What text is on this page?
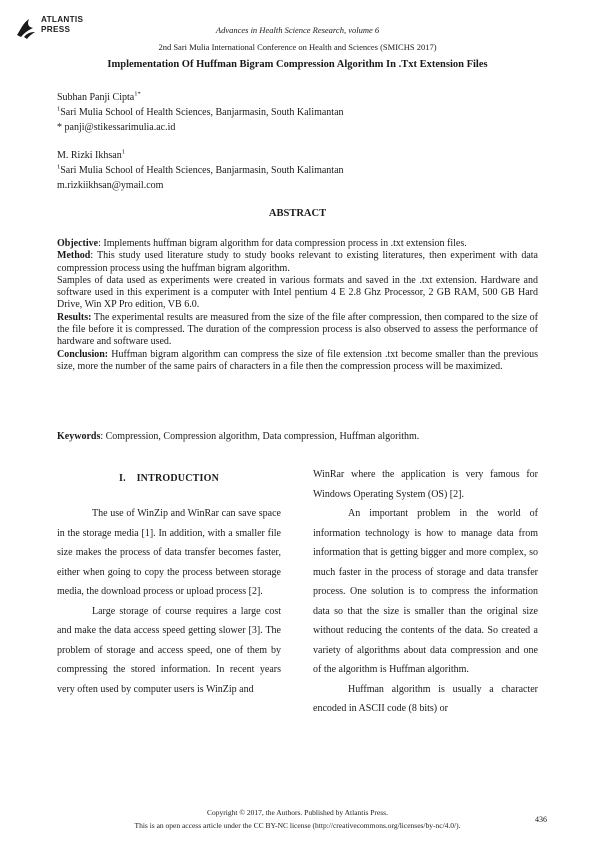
ATLANTIS
PRESS	Advances in Health Science Research, volume 6
2nd Sari Mulia International Conference on Health and Sciences (SMICHS 2017)
Implementation Of Huffman Bigram Compression Algorithm In .Txt Extension Files
Subhan Panji Cipta$^{1*}$
$^1$Sari Mulia School of Health Sciences, Banjarmasin, South Kalimantan
* panji@stikessarimulia.ac.id
M. Rizki Ikhsan$^1$
$^1$Sari Mulia School of Health Sciences, Banjarmasin, South Kalimantan
m.rizkiikhsan@ymail.com
ABSTRACT

Objective: Implements huffman bigram algorithm for data compression process in .txt extension files.

Method: This study used literature study to study books relevant to existing literatures, then experiment with data compression process using the huffman bigram algorithm.

Samples of data used as experiments were created in various formats and saved in the .txt extension. Hardware and software used in this experiment is a computer with Intel pentium 4 E 2.8 Ghz Processor, 2 GB RAM, 500 GB Hard Drive, Win XP Pro edition, VB 6.0.

Results: The experimental results are measured from the size of the file after compression, then compared to the size of the file before it is compressed. The duration of the compression process is also observed to assess the performance of hardware and software used.

Conclusion: Huffman bigram algorithm can compress the size of file extension .txt become smaller than the previous size, more the number of the same pairs of characters in a file then the compression process will be maximized.

Keywords: Compression, Compression algorithm, Data compression, Huffman algorithm.
I.    INTRODUCTION

The use of WinZip and WinRar can save space in the storage media [1]. In addition, with a smaller file size makes the process of data transfer becomes faster, either when going to copy the process between storage media, the download process or upload process [2].

Large storage of course requires a large cost and make the data access speed getting slower [3]. The problem of storage and access speed, one of them by compressing the stored information. In recent years very often used by computer users is WinZip and

WinRar where the application is very famous for Windows Operating System (OS) [2].

An important problem in the world of information technology is how to manage data from information that is getting bigger and more complex, so much faster in the process of storage and data transfer process. One solution is to compress the information data so that the size is smaller than the original size without reducing the contents of the data. So created a variety of algorithms about data compression and one of the algorithm is Huffman algorithm.

Huffman algorithm is usually a character encoded in ASCII code (8 bits) or

Copyright © 2017, the Authors. Published by Atlantis Press.
This is an open access article under the CC BY-NC license (http://creativecommons.org/licenses/by-nc/4.0/).
436
